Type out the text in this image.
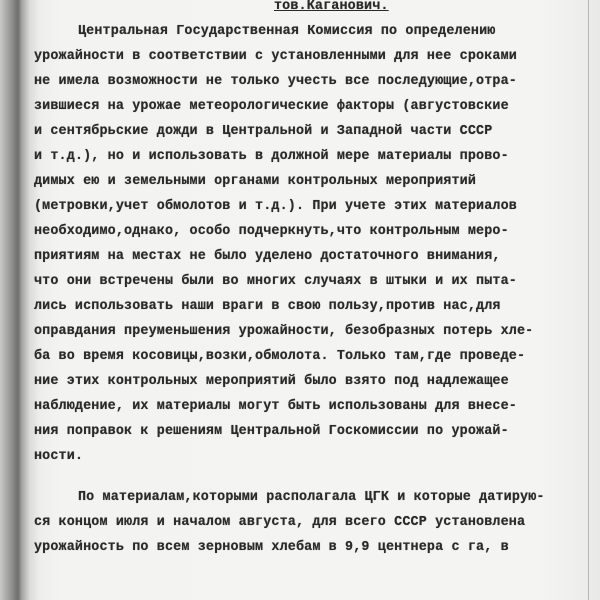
тов.Каганович.
Центральная Государственная Комиссия по определению
урожайности в соответствии с установленными для нее сроками
не имела возможности не только учесть все последующие,отра-
зившиеся на урожае метеорологические факторы (августовские
и сентябрьские дожди в Центральной и Западной части СССР
и т.д.), но и использовать в должной мере материалы прово-
димых ею и земельными органами контрольных мероприятий
(метровки,учет обмолотов и т.д.). При учете этих материалов
необходимо,однако, особо подчеркнуть,что контрольным меро-
приятиям на местах не было уделено достаточного внимания,
что они встречены были во многих случаях в штыки и их пыта-
лись использовать наши враги в свою пользу,против нас,для
оправдания преуменьшения урожайности, безобразных потерь хле-
ба во время косовицы,возки,обмолота. Только там,где проведе-
ние этих контрольных мероприятий было взято под надлежащее
наблюдение, их материалы могут быть использованы для внесе-
ния поправок к решениям Центральной Госкомиссии по урожай-
ности.
По материалам,которыми располагала ЦГК и которые датирую-
ся концом июля и началом августа, для всего СССР установлена
урожайность по всем зерновым хлебам в 9,9 центнера с га, в
